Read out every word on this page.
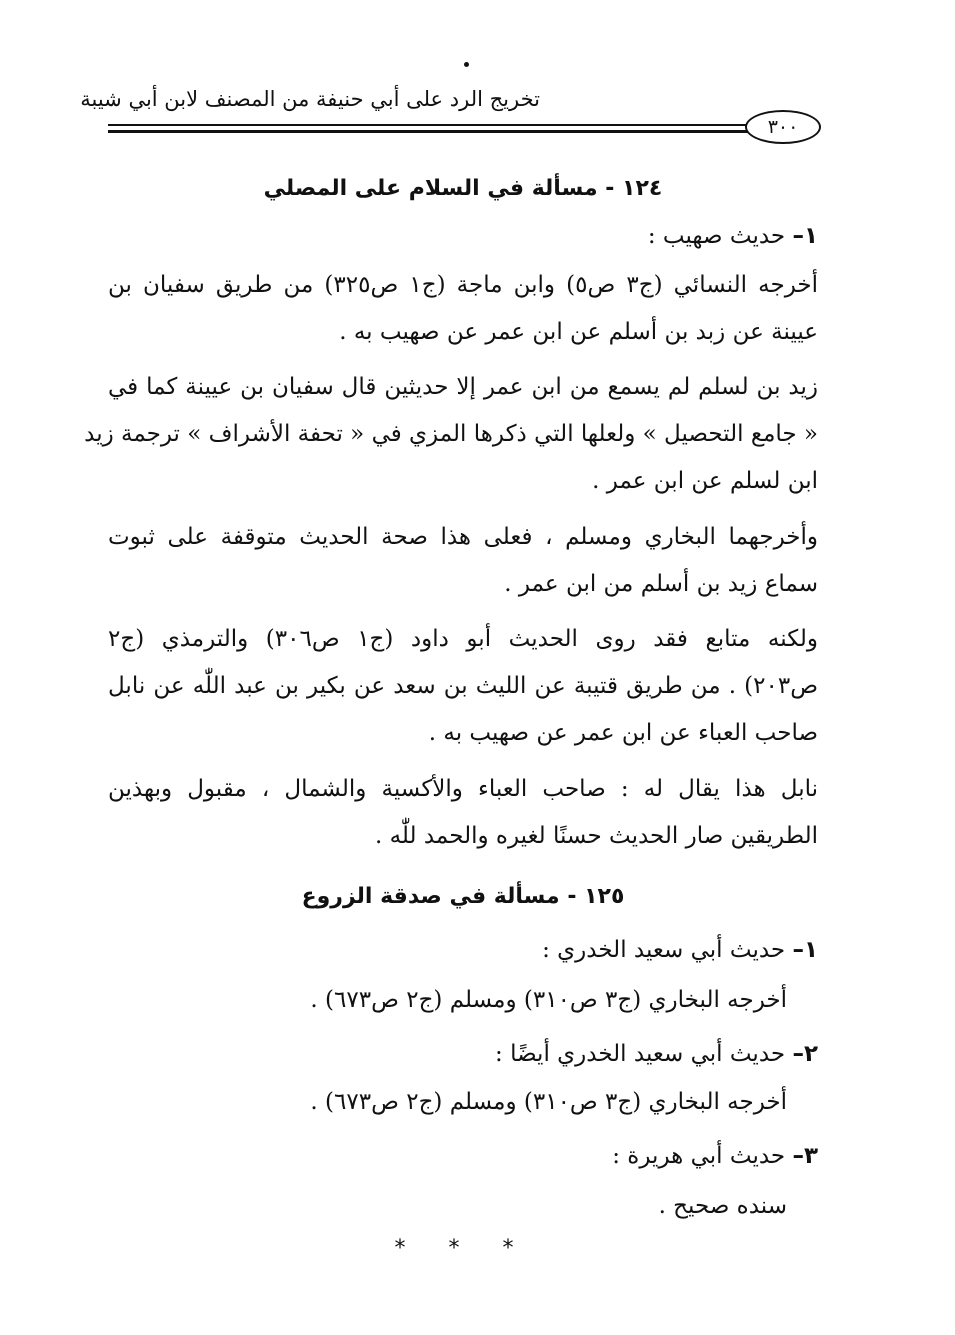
تخريج الرد على أبي حنيفة من المصنف لابن أبي شيبة
٣٠٠
١٢٤ - مسألة في السلام على المصلي
١– حديث صهيب :
أخرجه النسائي (ج٣ ص٥) وابن ماجة (ج١ ص٣٢٥) من طريق سفيان بن
عيينة عن زبد بن أسلم عن ابن عمر عن صهيب به .
زيد بن لسلم لم يسمع من ابن عمر إلا حديثين قال سفيان بن عيينة كما في
« جامع التحصيل » ولعلها التي ذكرها المزي في « تحفة الأشراف » ترجمة زيد
ابن لسلم عن ابن عمر .
وأخرجهما البخاري ومسلم ، فعلى هذا صحة الحديث متوقفة على ثبوت
سماع زيد بن أسلم من ابن عمر .
ولكنه متابع فقد روى الحديث أبو داود (ج١ ص٣٠٦) والترمذي (ج٢
ص٢٠٣) . من طريق قتيبة عن الليث بن سعد عن بكير بن عبد اللّٰه عن نابل
صاحب العباء عن ابن عمر عن صهيب به .
نابل هذا يقال له : صاحب العباء والأكسية والشمال ، مقبول وبهذين
الطريقين صار الحديث حسنًا لغيره والحمد للّٰه .
١٢٥ - مسألة في صدقة الزروع
١– حديث أبي سعيد الخدري :
أخرجه البخاري (ج٣ ص٣١٠) ومسلم (ج٢ ص٦٧٣) .
٢– حديث أبي سعيد الخدري أيضًا :
أخرجه البخاري (ج٣ ص٣١٠) ومسلم (ج٢ ص٦٧٣) .
٣– حديث أبي هريرة :
سنده صحيح .
* * *
